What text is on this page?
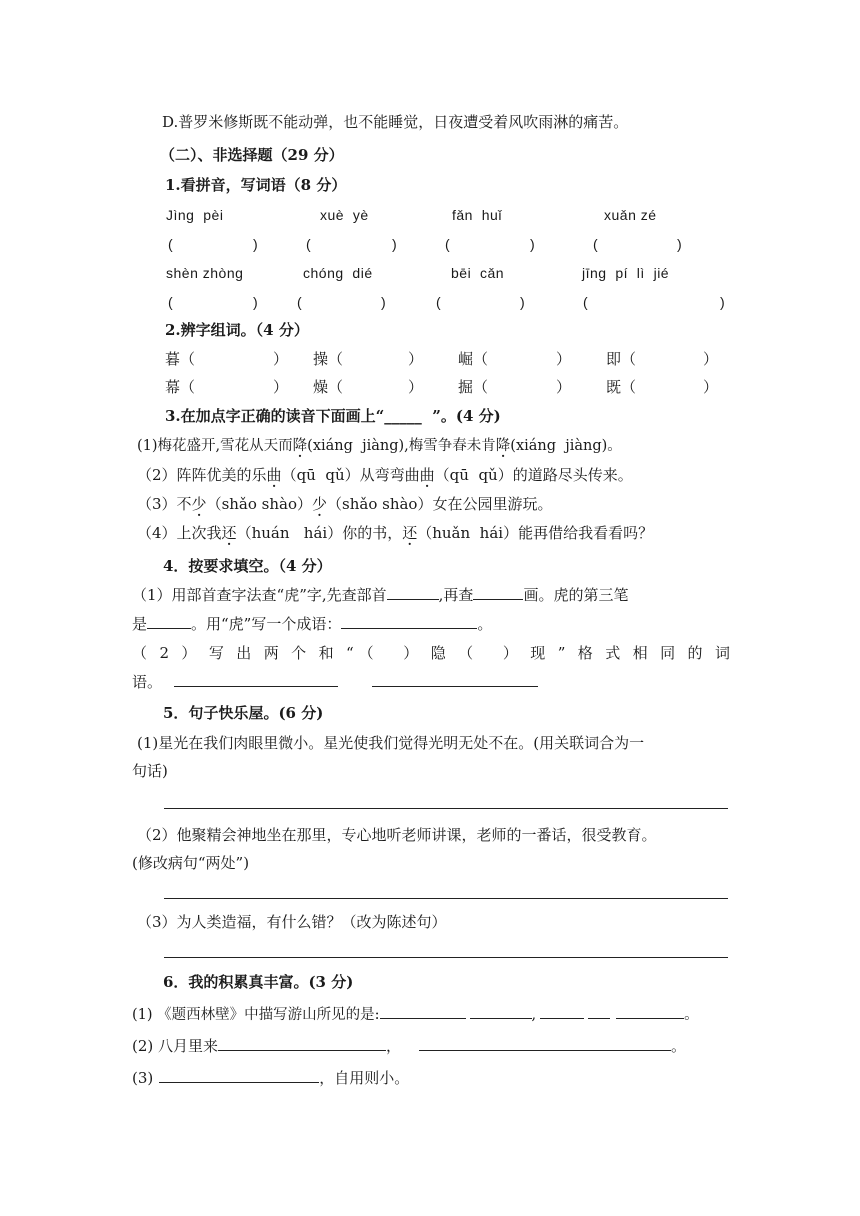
D.普罗米修斯既不能动弹，也不能睡觉，日夜遭受着风吹雨淋的痛苦。
（二）、非选择题（29 分）
1.看拼音，写词语（8 分）
Jìng  pèi	xuè  yè	fǎn  huǐ	xuǎn zé
(	)	(	)	(	)	(	)
shèn zhòng	chóng  dié	bēi  cǎn	jīng  pí  lì  jié
(	)	(	)	(	)	(	)
2.辨字组词。（4 分）
暮（	） 操（	） 崛（	） 即（	）
幕（	） 燥（	） 掘（	） 既（	）
3.在加点字正确的读音下面画上“_____  ”。(4 分)
(1)梅花盛开,雪花从天而降(xiáng  jiàng),梅雪争春未肯降(xiáng  jiàng)。
（2）阵阵优美的乐曲（qū  qǔ）从弯弯曲曲（qū  qǔ）的道路尽头传来。
（3）不少（shǎo shào）少（shǎo shào）女在公园里游玩。
（4）上次我还（huán   hái）你的书，还（huǎn  hái）能再借给我看看吗？
4．按要求填空。（4 分）
（1）用部首查字法查“虎”字,先查部首	,再查	画。虎的第三笔
是	。用“虎”写一个成语：	。
（2）写出两个和“（ ）隐（ ）现”格式相同的词
语。
5．句子快乐屋。(6 分)
(1)星光在我们肉眼里微小。星光使我们觉得光明无处不在。(用关联词合为一
句话)
（2）他聚精会神地坐在那里，专心地听老师讲课，老师的一番话，很受教育。
(修改病句“两处”)
（3）为人类造福，有什么错？（改为陈述句）
6．我的积累真丰富。(3 分)
(1) 《题西林壁》中描写游山所见的是:	,	。
(2) 八月里来	，	。
(3)	，自用则小。
